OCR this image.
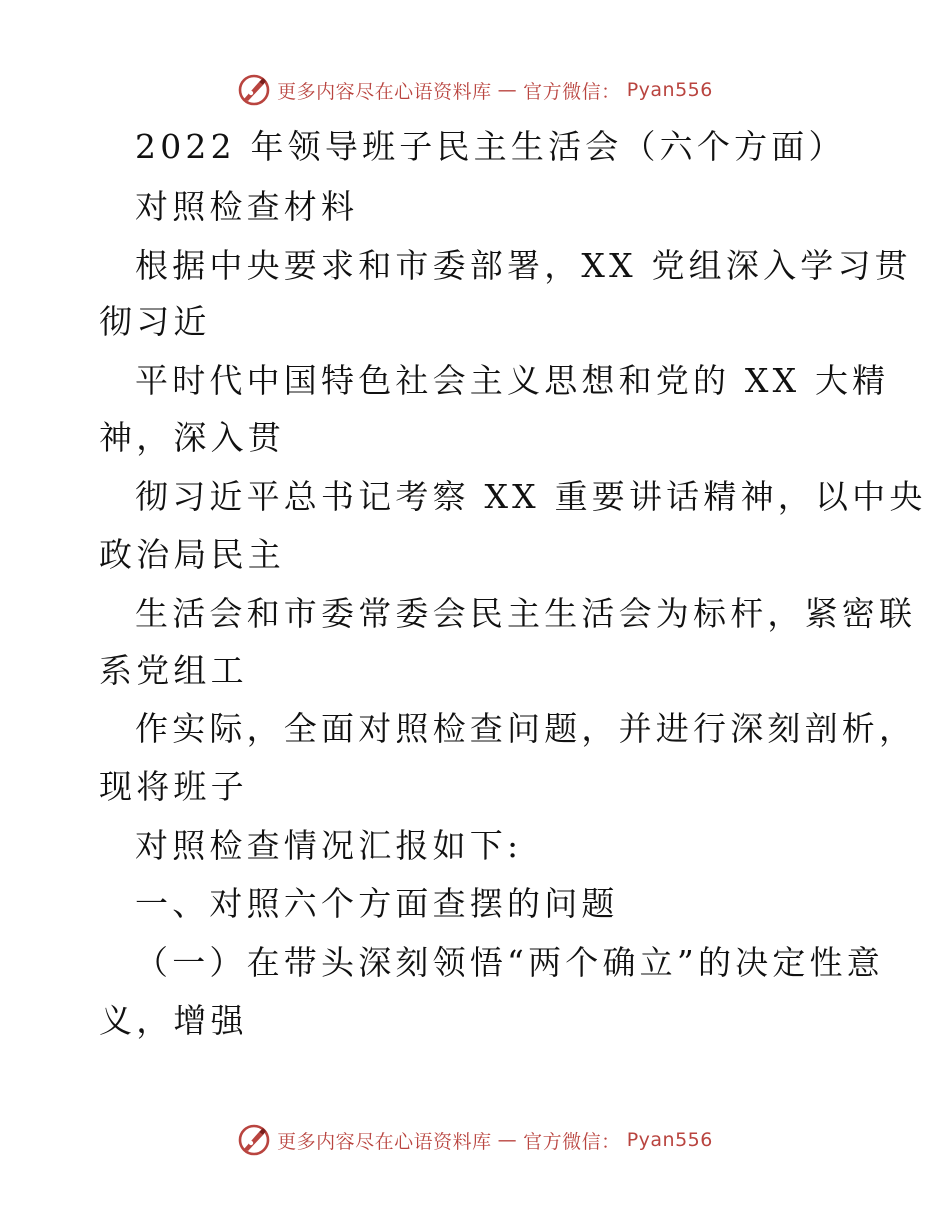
更多内容尽在心语资料库 — 官方微信： Pyan556
2022 年领导班子民主生活会（六个方面）
对照检查材料
根据中央要求和市委部署，XX 党组深入学习贯
彻习近
平时代中国特色社会主义思想和党的 XX 大精
神，深入贯
彻习近平总书记考察 XX 重要讲话精神，以中央
政治局民主
生活会和市委常委会民主生活会为标杆，紧密联
系党组工
作实际，全面对照检查问题，并进行深刻剖析，
现将班子
对照检查情况汇报如下:
一、对照六个方面查摆的问题
（一）在带头深刻领悟“两个确立”的决定性意
义，增强
更多内容尽在心语资料库 — 官方微信： Pyan556
